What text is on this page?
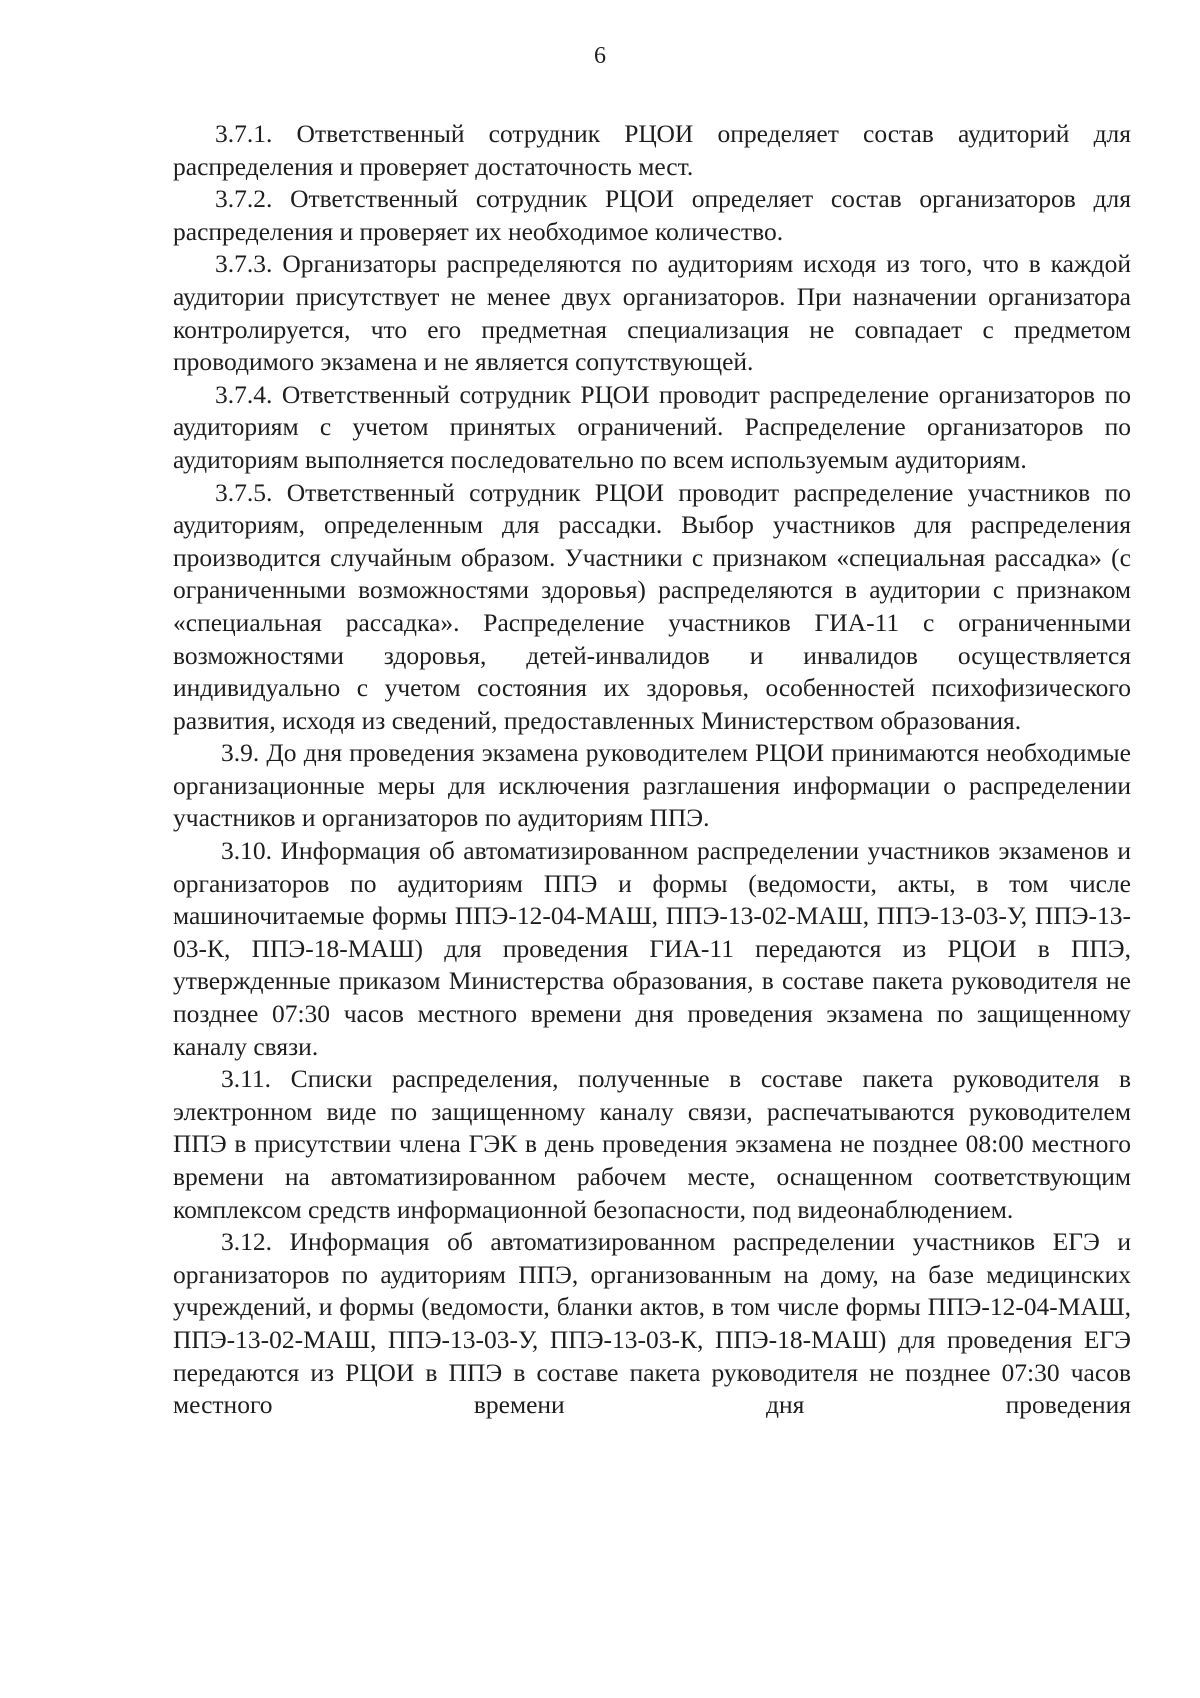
6

3.7.1. Ответственный сотрудник РЦОИ определяет состав аудиторий для распределения и проверяет достаточность мест.

3.7.2. Ответственный сотрудник РЦОИ определяет состав организаторов для распределения и проверяет их необходимое количество.

3.7.3. Организаторы распределяются по аудиториям исходя из того, что в каждой аудитории присутствует не менее двух организаторов. При назначении организатора контролируется, что его предметная специализация не совпадает с предметом проводимого экзамена и не является сопутствующей.

3.7.4. Ответственный сотрудник РЦОИ проводит распределение организаторов по аудиториям с учетом принятых ограничений. Распределение организаторов по аудиториям выполняется последовательно по всем используемым аудиториям.

3.7.5. Ответственный сотрудник РЦОИ проводит распределение участников по аудиториям, определенным для рассадки. Выбор участников для распределения производится случайным образом. Участники с признаком «специальная рассадка» (с ограниченными возможностями здоровья) распределяются в аудитории с признаком «специальная рассадка». Распределение участников ГИА-11 с ограниченными возможностями здоровья, детей-инвалидов и инвалидов осуществляется индивидуально с учетом состояния их здоровья, особенностей психофизического развития, исходя из сведений, предоставленных Министерством образования.

3.9. До дня проведения экзамена руководителем РЦОИ принимаются необходимые организационные меры для исключения разглашения информации о распределении участников и организаторов по аудиториям ППЭ.

3.10. Информация об автоматизированном распределении участников экзаменов и организаторов по аудиториям ППЭ и формы (ведомости, акты, в том числе машиночитаемые формы ППЭ-12-04-МАШ, ППЭ-13-02-МАШ, ППЭ-13-03-У, ППЭ-13-03-К, ППЭ-18-МАШ) для проведения ГИА-11 передаются из РЦОИ в ППЭ, утвержденные приказом Министерства образования, в составе пакета руководителя не позднее 07:30 часов местного времени дня проведения экзамена по защищенному каналу связи.

3.11. Списки распределения, полученные в составе пакета руководителя в электронном виде по защищенному каналу связи, распечатываются руководителем ППЭ в присутствии члена ГЭК в день проведения экзамена не позднее 08:00 местного времени на автоматизированном рабочем месте, оснащенном соответствующим комплексом средств информационной безопасности, под видеонаблюдением.

3.12. Информация об автоматизированном распределении участников ЕГЭ и организаторов по аудиториям ППЭ, организованным на дому, на базе медицинских учреждений, и формы (ведомости, бланки актов, в том числе формы ППЭ-12-04-МАШ, ППЭ-13-02-МАШ, ППЭ-13-03-У, ППЭ-13-03-К, ППЭ-18-МАШ) для проведения ЕГЭ передаются из РЦОИ в ППЭ в составе пакета руководителя не позднее 07:30 часов местного времени дня проведения
